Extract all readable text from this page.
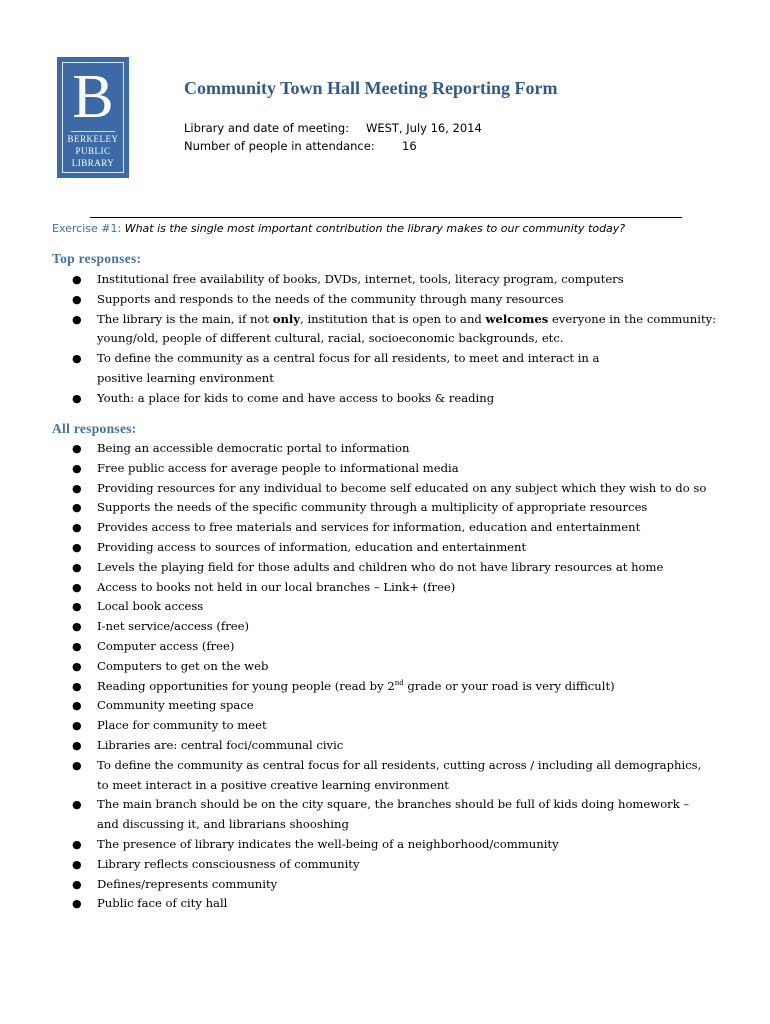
B
BERKELEY
PUBLIC
LIBRARY
Community Town Hall Meeting Reporting Form
Library and date of meeting: WEST, July 16, 2014
Number of people in attendance: 16
Exercise #1: What is the single most important contribution the library makes to our community today?
Top responses:
● Institutional free availability of books, DVDs, internet, tools, literacy program, computers
● Supports and responds to the needs of the community through many resources
● The library is the main, if not only, institution that is open to and welcomes everyone in the community: young/old, people of different cultural, racial, socioeconomic backgrounds, etc.
● To define the community as a central focus for all residents, to meet and interact in a
positive learning environment
● Youth: a place for kids to come and have access to books & reading
All responses:
● Being an accessible democratic portal to information
● Free public access for average people to informational media
● Providing resources for any individual to become self educated on any subject which they wish to do so
● Supports the needs of the specific community through a multiplicity of appropriate resources
● Provides access to free materials and services for information, education and entertainment
● Providing access to sources of information, education and entertainment
● Levels the playing field for those adults and children who do not have library resources at home
● Access to books not held in our local branches – Link+ (free)
● Local book access
● I-net service/access (free)
● Computer access (free)
● Computers to get on the web
● Reading opportunities for young people (read by 2nd grade or your road is very difficult)
● Community meeting space
● Place for community to meet
● Libraries are: central foci/communal civic
● To define the community as central focus for all residents, cutting across / including all demographics,
to meet interact in a positive creative learning environment
● The main branch should be on the city square, the branches should be full of kids doing homework –
and discussing it, and librarians shooshing
● The presence of library indicates the well-being of a neighborhood/community
● Library reflects consciousness of community
● Defines/represents community
● Public face of city hall
